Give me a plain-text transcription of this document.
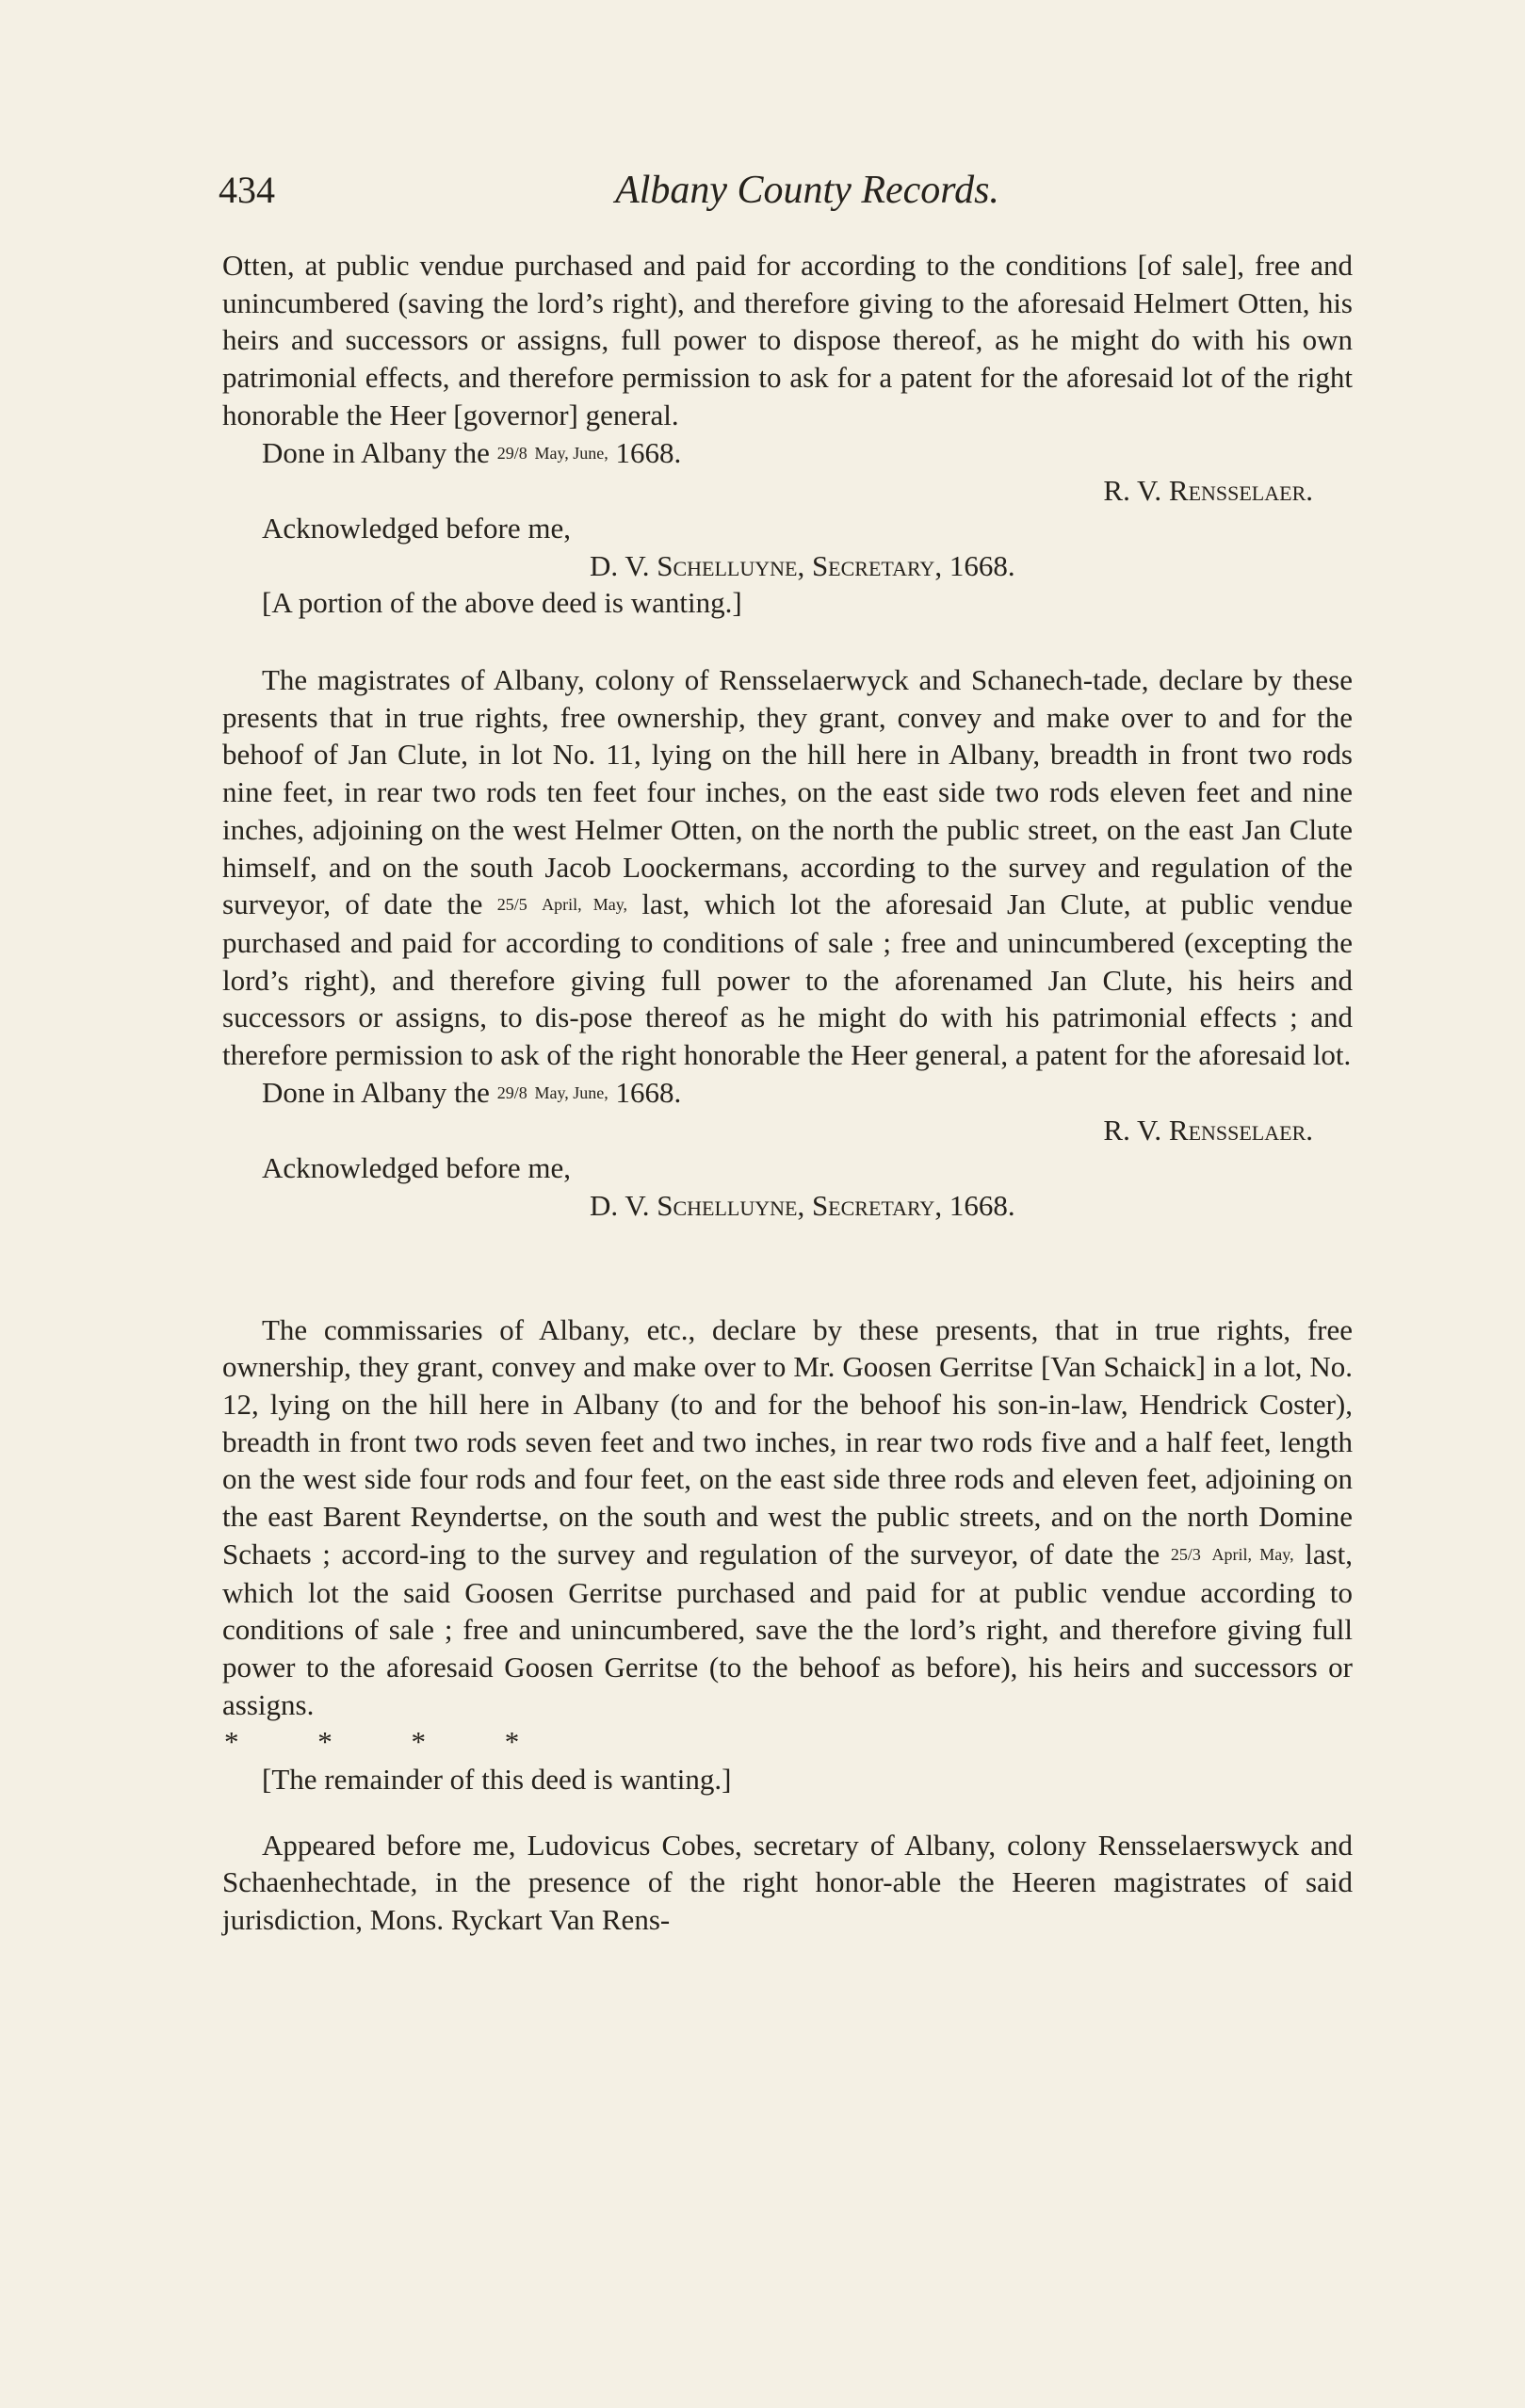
434	Albany County Records.

Otten, at public vendue purchased and paid for according to the conditions [of sale], free and unincumbered (saving the lord’s right), and therefore giving to the aforesaid Helmert Otten, his heirs and successors or assigns, full power to dispose thereof, as he might do with his own patrimonial effects, and therefore permission to ask for a patent for the aforesaid lot of the right honorable the Heer [governor] general.

Done in Albany the 29/8 May, June, 1668.

R. V. Rensselaer.

Acknowledged before me,

D. V. Schelluyne, Secretary, 1668.

[A portion of the above deed is wanting.]

The magistrates of Albany, colony of Rensselaerwyck and Schanech-tade, declare by these presents that in true rights, free ownership, they grant, convey and make over to and for the behoof of Jan Clute, in lot No. 11, lying on the hill here in Albany, breadth in front two rods nine feet, in rear two rods ten feet four inches, on the east side two rods eleven feet and nine inches, adjoining on the west Helmer Otten, on the north the public street, on the east Jan Clute himself, and on the south Jacob Loockermans, according to the survey and regulation of the surveyor, of date the 25/5 April, May, last, which lot the aforesaid Jan Clute, at public vendue purchased and paid for according to conditions of sale ; free and unincumbered (excepting the lord’s right), and therefore giving full power to the aforenamed Jan Clute, his heirs and successors or assigns, to dis-pose thereof as he might do with his patrimonial effects ; and therefore permission to ask of the right honorable the Heer general, a patent for the aforesaid lot.

Done in Albany the 29/8 May, June, 1668.

R. V. Rensselaer.

Acknowledged before me,

D. V. Schelluyne, Secretary, 1668.

The commissaries of Albany, etc., declare by these presents, that in true rights, free ownership, they grant, convey and make over to Mr. Goosen Gerritse [Van Schaick] in a lot, No. 12, lying on the hill here in Albany (to and for the behoof his son-in-law, Hendrick Coster), breadth in front two rods seven feet and two inches, in rear two rods five and a half feet, length on the west side four rods and four feet, on the east side three rods and eleven feet, adjoining on the east Barent Reyndertse, on the south and west the public streets, and on the north Domine Schaets ; accord-ing to the survey and regulation of the surveyor, of date the 25/3 April, May, last, which lot the said Goosen Gerritse purchased and paid for at public vendue according to conditions of sale ; free and unincumbered, save the the lord’s right, and therefore giving full power to the aforesaid Goosen Gerritse (to the behoof as before), his heirs and successors or assigns.

* * * *

[The remainder of this deed is wanting.]

Appeared before me, Ludovicus Cobes, secretary of Albany, colony Rensselaerswyck and Schaenhechtade, in the presence of the right honor-able the Heeren magistrates of said jurisdiction, Mons. Ryckart Van Rens-
